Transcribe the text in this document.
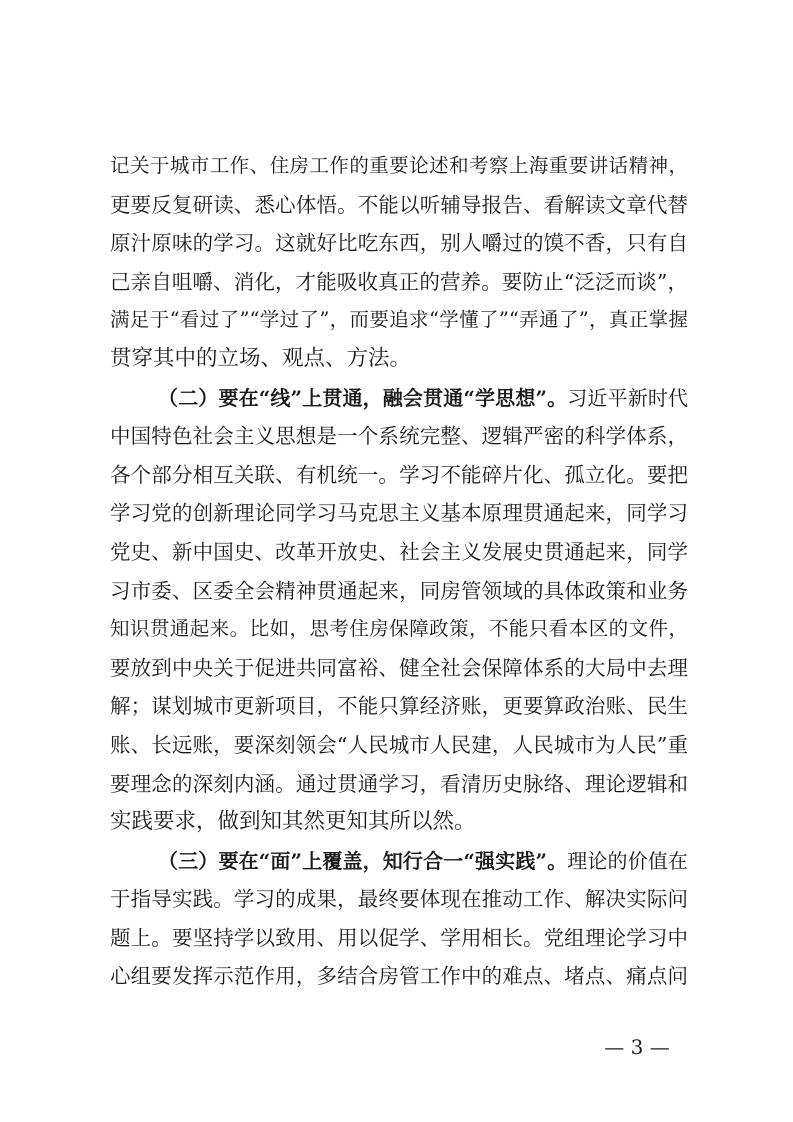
记关于城市工作、住房工作的重要论述和考察上海重要讲话精神，
更要反复研读、悉心体悟。不能以听辅导报告、看解读文章代替
原汁原味的学习。这就好比吃东西，别人嚼过的馍不香，只有自
己亲自咀嚼、消化，才能吸收真正的营养。要防止“泛泛而谈”，
满足于“看过了”“学过了”，而要追求“学懂了”“弄通了”，真正掌握
贯穿其中的立场、观点、方法。
（二）要在“线”上贯通，融会贯通“学思想”。习近平新时代
中国特色社会主义思想是一个系统完整、逻辑严密的科学体系，
各个部分相互关联、有机统一。学习不能碎片化、孤立化。要把
学习党的创新理论同学习马克思主义基本原理贯通起来，同学习
党史、新中国史、改革开放史、社会主义发展史贯通起来，同学
习市委、区委全会精神贯通起来，同房管领域的具体政策和业务
知识贯通起来。比如，思考住房保障政策，不能只看本区的文件，
要放到中央关于促进共同富裕、健全社会保障体系的大局中去理
解；谋划城市更新项目，不能只算经济账，更要算政治账、民生
账、长远账，要深刻领会“人民城市人民建，人民城市为人民”重
要理念的深刻内涵。通过贯通学习，看清历史脉络、理论逻辑和
实践要求，做到知其然更知其所以然。
（三）要在“面”上覆盖，知行合一“强实践”。理论的价值在
于指导实践。学习的成果，最终要体现在推动工作、解决实际问
题上。要坚持学以致用、用以促学、学用相长。党组理论学习中
心组要发挥示范作用，多结合房管工作中的难点、堵点、痛点问
— 3 —
